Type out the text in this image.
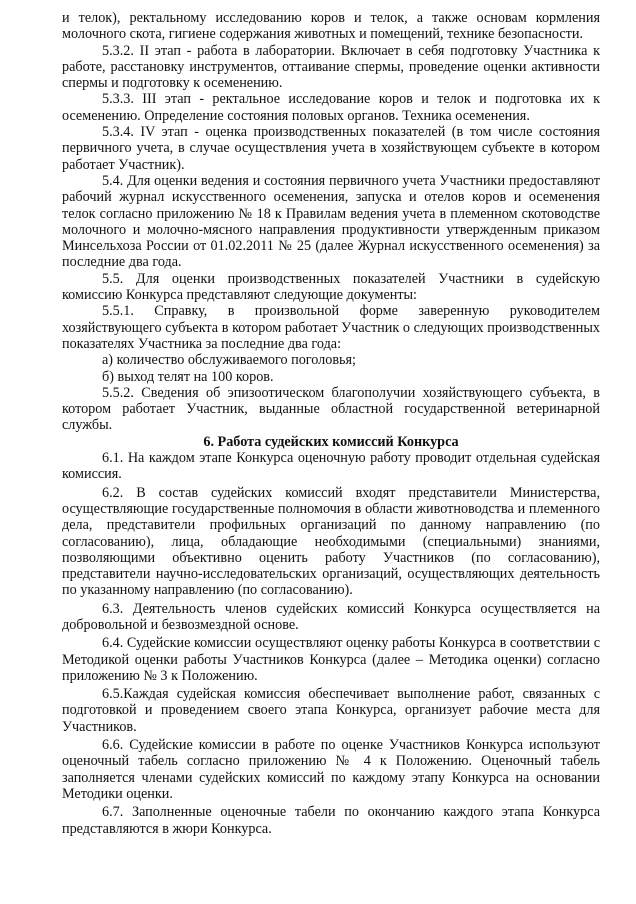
и телок), ректальному исследованию коров и телок, а также основам кормления молочного скота, гигиене содержания животных и помещений, технике безопасности.

5.3.2. II этап - работа в лаборатории. Включает в себя подготовку Участника к работе, расстановку инструментов, оттаивание спермы, проведение оценки активности спермы и подготовку к осеменению.

5.3.3. III этап - ректальное исследование коров и телок и подготовка их к осеменению. Определение состояния половых органов. Техника осеменения.

5.3.4. IV этап - оценка производственных показателей (в том числе состояния первичного учета, в случае осуществления учета в хозяйствующем субъекте в котором работает Участник).

5.4. Для оценки ведения и состояния первичного учета Участники предоставляют рабочий журнал искусственного осеменения, запуска и отелов коров и осеменения телок согласно приложению № 18 к Правилам ведения учета в племенном скотоводстве молочного и молочно-мясного направления продуктивности утвержденным приказом Минсельхоза России от 01.02.2011 № 25 (далее Журнал искусственного осеменения) за последние два года.

5.5. Для оценки производственных показателей Участники в судейскую комиссию Конкурса представляют следующие документы:

5.5.1. Справку, в произвольной форме заверенную руководителем

хозяйствующего субъекта в котором работает Участник о следующих производственных показателях Участника за последние два года:

а) количество обслуживаемого поголовья;

б) выход телят на 100 коров.

5.5.2. Сведения об эпизоотическом благополучии хозяйствующего субъекта, в котором работает Участник, выданные областной государственной ветеринарной службы.

6. Работа судейских комиссий Конкурса

6.1. На каждом этапе Конкурса оценочную работу проводит отдельная судейская комиссия.

6.2. В состав судейских комиссий входят представители Министерства, осуществляющие государственные полномочия в области животноводства и племенного дела, представители профильных организаций по данному направлению (по согласованию), лица, обладающие необходимыми (специальными) знаниями, позволяющими объективно оценить работу Участников (по согласованию), представители научно-исследовательских организаций, осуществляющих деятельность по указанному направлению (по согласованию).

6.3. Деятельность членов судейских комиссий Конкурса осуществляется на добровольной и безвозмездной основе.

6.4. Судейские комиссии осуществляют оценку работы Конкурса в соответствии с Методикой оценки работы Участников Конкурса (далее – Методика оценки) согласно приложению № 3 к Положению.

6.5.Каждая судейская комиссия обеспечивает выполнение работ, связанных с подготовкой и проведением своего этапа Конкурса, организует рабочие места для Участников.

6.6. Судейские комиссии в работе по оценке Участников Конкурса используют оценочный табель согласно приложению № 4 к Положению. Оценочный табель заполняется членами судейских комиссий по каждому этапу Конкурса на основании Методики оценки.

6.7. Заполненные оценочные табели по окончанию каждого этапа Конкурса представляются в жюри Конкурса.
